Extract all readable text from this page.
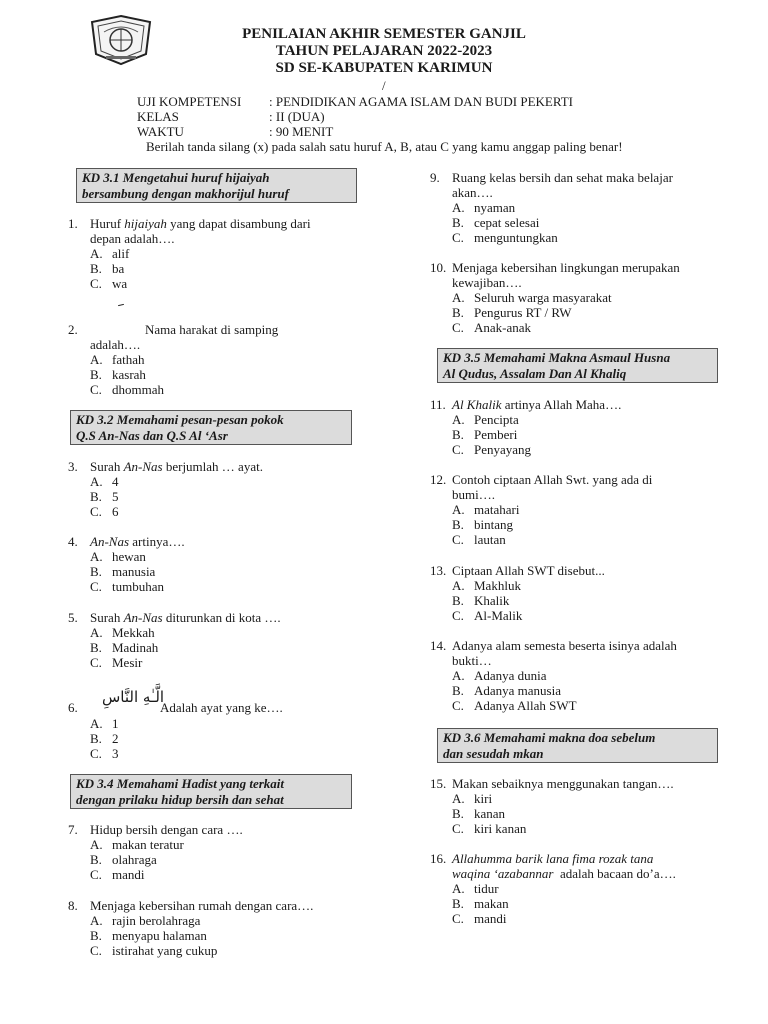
PENILAIAN AKHIR SEMESTER GANJIL
TAHUN PELAJARAN 2022-2023
SD SE-KABUPATEN KARIMUN
/
UJI KOMPETENSI	: PENDIDIKAN AGAMA ISLAM DAN BUDI PEKERTI
KELAS	: II (DUA)
WAKTU	: 90 MENIT
Berilah tanda silang (x) pada salah satu huruf A, B, atau C yang kamu anggap paling benar!
KD 3.1 Mengetahui huruf hijaiyah
bersambung dengan makhorijul huruf
KD 3.2 Memahami pesan-pesan pokok
Q.S An-Nas dan Q.S Al ‘Asr
KD 3.4 Memahami Hadist yang terkait
dengan prilaku hidup bersih dan sehat
KD 3.5 Memahami Makna Asmaul Husna
Al Qudus, Assalam Dan Al Khaliq
KD 3.6 Memahami makna doa sebelum
dan sesudah mkan
1. Huruf hijaiyah yang dapat disambung dari
depan adalah….
A. alif
B. ba
C. wa
2.	Nama harakat di samping
adalah….
A. fathah
B. kasrah
C. dhommah
3. Surah An-Nas berjumlah … ayat.
A. 4
B. 5
C. 6
4. An-Nas artinya….
A. hewan
B. manusia
C. tumbuhan
5. Surah An-Nas diturunkan di kota ….
A. Mekkah
B. Madinah
C. Mesir
6.
الَّـٰهِ النَّاسِ
Adalah ayat yang ke….
A. 1
B. 2
C. 3
7. Hidup bersih dengan cara ….
A. makan teratur
B. olahraga
C. mandi
8. Menjaga kebersihan rumah dengan cara….
A. rajin berolahraga
B. menyapu halaman
C. istirahat yang cukup
9. Ruang kelas bersih dan sehat maka belajar
akan….
A. nyaman
B. cepat selesai
C. menguntungkan
10. Menjaga kebersihan lingkungan merupakan
kewajiban….
A. Seluruh warga masyarakat
B. Pengurus RT / RW
C. Anak-anak
11. Al Khalik artinya Allah Maha….
A. Pencipta
B. Pemberi
C. Penyayang
12. Contoh ciptaan Allah Swt. yang ada di
bumi….
A. matahari
B. bintang
C. lautan
13. Ciptaan Allah SWT disebut...
A. Makhluk
B. Khalik
C. Al-Malik
14. Adanya alam semesta beserta isinya adalah
bukti…
A. Adanya dunia
B. Adanya manusia
C. Adanya Allah SWT
15. Makan sebaiknya menggunakan tangan….
A. kiri
B. kanan
C. kiri kanan
16. Allahumma barik lana fima rozak tana
waqina ‘azabannar  adalah bacaan do’a….
A. tidur
B. makan
C. mandi
